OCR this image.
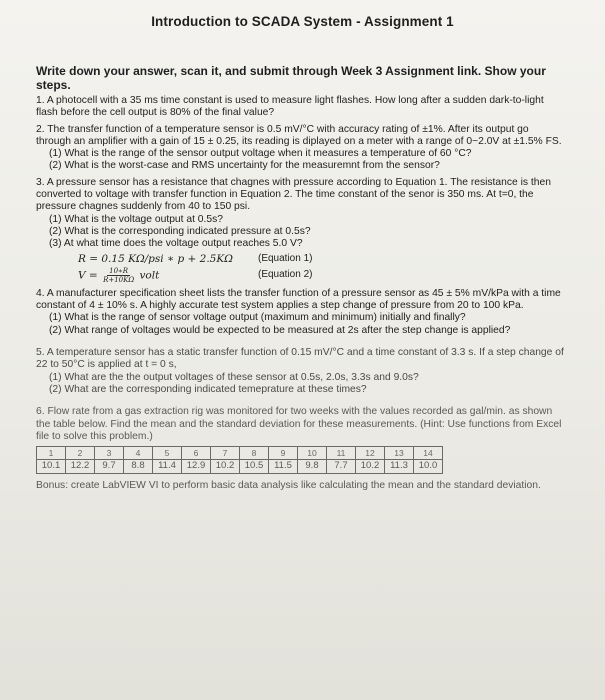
Introduction to SCADA System - Assignment 1
Write down your answer, scan it, and submit through Week 3 Assignment link. Show your steps.
1. A photocell with a 35 ms time constant is used to measure light flashes. How long after a sudden dark-to-light flash before the cell output is 80% of the final value?
2. The transfer function of a temperature sensor is 0.5 mV/°C with accuracy rating of ±1%. After its output go through an amplifier with a gain of 15 ± 0.25, its reading is diplayed on a meter with a range of 0~2.0V at ±1.5% FS.
(1) What is the range of the sensor output voltage when it measures a temperature of 60 °C?
(2) What is the worst-case and RMS uncertainty for the measuremnt from the sensor?
3. A pressure sensor has a resistance that chagnes with pressure according to Equation 1. The resistance is then converted to voltage with transfer function in Equation 2. The time constant of the senor is 350 ms. At t=0, the pressure chagnes suddenly from 40 to 150 psi.
(1) What is the voltage output at 0.5s?
(2) What is the corresponding indicated pressure at 0.5s?
(3) At what time does the voltage output reaches 5.0 V?
R = 0.15 KΩ/psi ∗ p + 2.5KΩ	(Equation 1)
$V = \frac{10∗R}{R+10K\Omega}$ volt	(Equation 2)
4. A manufacturer specification sheet lists the transfer function of a pressure sensor as 45 ± 5% mV/kPa with a time constant of 4 ± 10% s. A highly accurate test system applies a step change of pressure from 20 to 100 kPa.
(1) What is the range of sensor voltage output (maximum and minimum) initially and finally?
(2) What range of voltages would be expected to be measured at 2s after the step change is applied?
5. A temperature sensor has a static transfer function of 0.15 mV/°C and a time constant of 3.3 s. If a step change of 22 to 50°C is applied at t = 0 s,
(1) What are the the output voltages of these sensor at 0.5s, 2.0s, 3.3s and 9.0s?
(2) What are the corresponding indicated temeprature at these times?
6. Flow rate from a gas extraction rig was monitored for two weeks with the values recorded as gal/min. as shown the table below. Find the mean and the standard deviation for these measurements. (Hint: Use functions from Excel file to solve this problem.)
1	2	3	4	5	6	7	8	9	10	11	12	13	14
10.1	12.2	9.7	8.8	11.4	12.9	10.2	10.5	11.5	9.8	7.7	10.2	11.3	10.0
Bonus: create LabVIEW VI to perform basic data analysis like calculating the mean and the standard deviation.
